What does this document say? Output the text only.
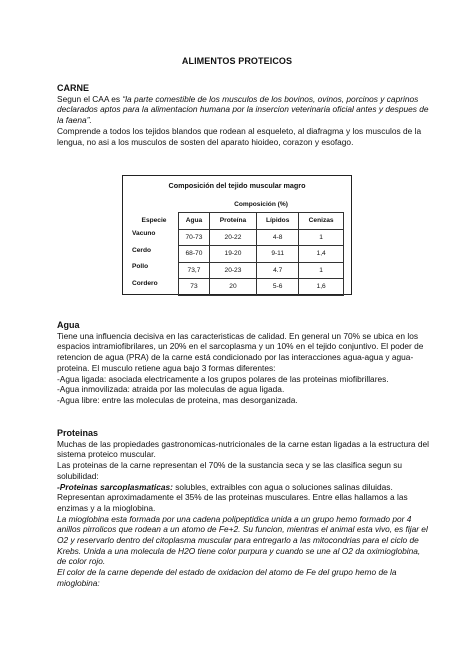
ALIMENTOS PROTEICOS

CARNE

Segun el CAA es “la parte comestible de los musculos de los bovinos, ovinos, porcinos y caprinos declarados aptos para la alimentacion humana por la insercion veterinaria oficial antes y despues de la faena”.

Comprende a todos los tejidos blandos que rodean al esqueleto, al diafragma y los musculos de la lengua, no asi a los musculos de sosten del aparato hioideo, corazon y esofago.

Composición del tejido muscular magro
	Composición (%)			
Especie	Agua	Proteína	Lípidos	Cenizas
Vacuno	70-73	20-22	4-8	1
Cerdo	68-70	19-20	9-11	1,4
Pollo	73,7	20-23	4.7	1
Cordero	73	20	5-6	1,6

Agua

Tiene una influencia decisiva en las caracteristicas de calidad. En general un 70% se ubica en los espacios intramiofibrilares, un 20% en el sarcoplasma y un 10% en el tejido conjuntivo. El poder de retencion de agua (PRA) de la carne está condicionado por las interacciones agua-agua y agua-proteina. El musculo retiene agua bajo 3 formas diferentes:

-Agua ligada: asociada electricamente a los grupos polares de las proteinas miofibrillares.

-Agua inmovilizada: atraida por las moleculas de agua ligada.

-Agua libre: entre las moleculas de proteina, mas desorganizada.

Proteinas

Muchas de las propiedades gastronomicas-nutricionales de la carne estan ligadas a la estructura del sistema proteico muscular.

Las proteinas de la carne representan el 70% de la sustancia seca y se las clasifica segun su solubilidad:

-Proteinas sarcoplasmaticas: solubles, extraibles con agua o soluciones salinas diluidas. Representan aproximadamente el 35% de las proteinas musculares. Entre ellas hallamos a las enzimas y a la mioglobina.

La mioglobina esta formada por una cadena polipeptidica unida a un grupo hemo formado por 4 anillos pirrolicos que rodean a un atomo de Fe+2. Su funcion, mientras el animal esta vivo, es fijar el O2 y reservarlo dentro del citoplasma muscular para entregarlo a las mitocondrias para el ciclo de Krebs. Unida a una molecula de H2O tiene color purpura y cuando se une al O2 da oximioglobina, de color rojo.

El color de la carne depende del estado de oxidacion del atomo de Fe del grupo hemo de la mioglobina:
